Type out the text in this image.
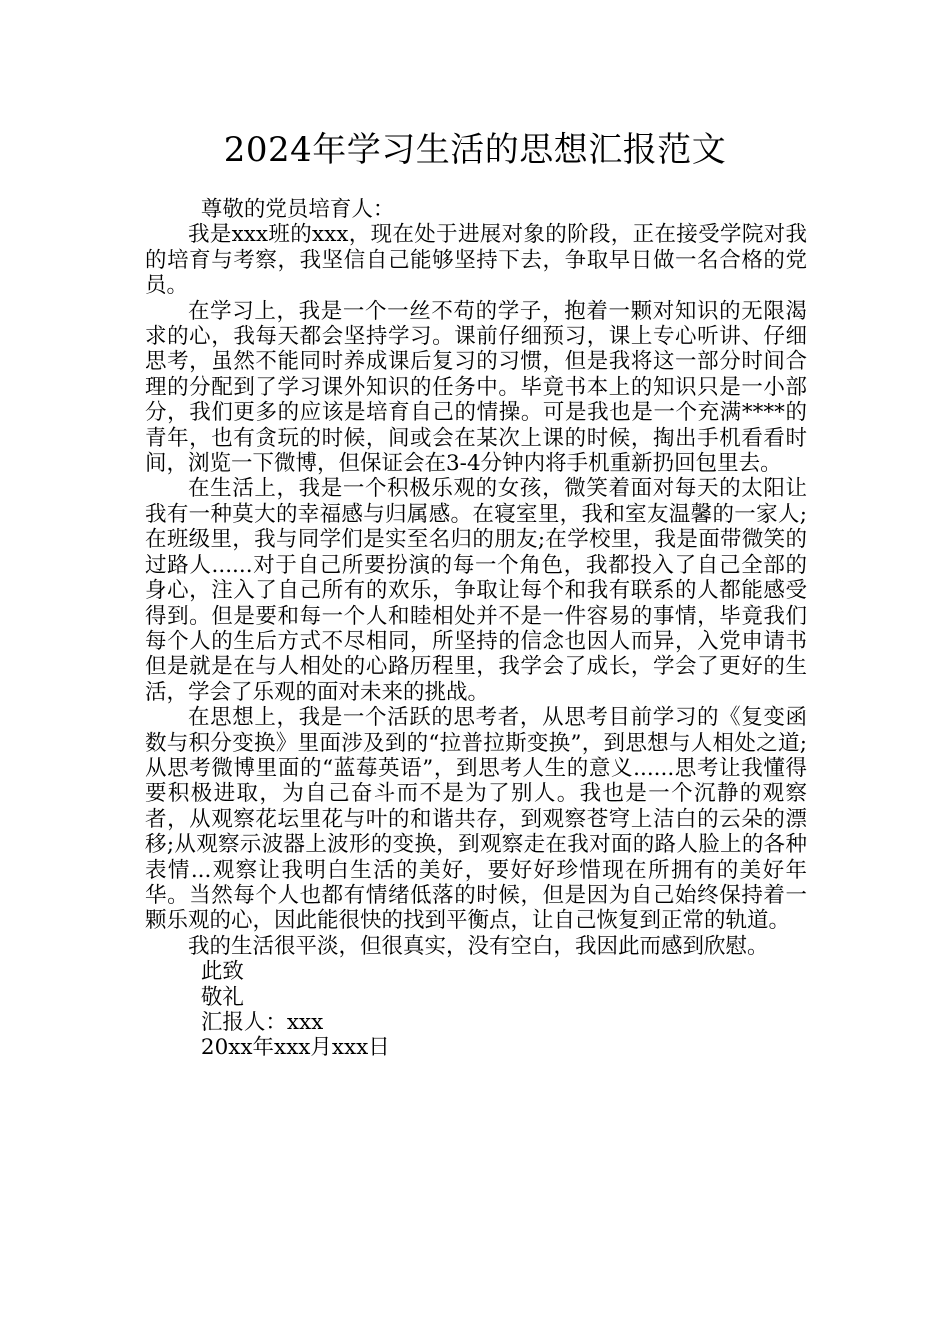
2024年学习生活的思想汇报范文

尊敬的党员培育人：

我是xxx班的xxx，现在处于进展对象的阶段，正在接受学院对我的培育与考察，我坚信自己能够坚持下去，争取早日做一名合格的党员。

在学习上，我是一个一丝不苟的学子，抱着一颗对知识的无限渴求的心，我每天都会坚持学习。课前仔细预习，课上专心听讲、仔细思考，虽然不能同时养成课后复习的习惯，但是我将这一部分时间合理的分配到了学习课外知识的任务中。毕竟书本上的知识只是一小部分，我们更多的应该是培育自己的情操。可是我也是一个充满****的青年，也有贪玩的时候，间或会在某次上课的时候，掏出手机看看时间，浏览一下微博，但保证会在3-4分钟内将手机重新扔回包里去。

在生活上，我是一个积极乐观的女孩，微笑着面对每天的太阳让我有一种莫大的幸福感与归属感。在寝室里，我和室友温馨的一家人;在班级里，我与同学们是实至名归的朋友;在学校里，我是面带微笑的过路人......对于自己所要扮演的每一个角色，我都投入了自己全部的身心，注入了自己所有的欢乐，争取让每个和我有联系的人都能感受得到。但是要和每一个人和睦相处并不是一件容易的事情，毕竟我们每个人的生后方式不尽相同，所坚持的信念也因人而异，入党申请书但是就是在与人相处的心路历程里，我学会了成长，学会了更好的生活，学会了乐观的面对未来的挑战。

在思想上，我是一个活跃的思考者，从思考目前学习的《复变函数与积分变换》里面涉及到的“拉普拉斯变换”，到思想与人相处之道;从思考微博里面的“蓝莓英语”，到思考人生的意义......思考让我懂得要积极进取，为自己奋斗而不是为了别人。我也是一个沉静的观察者，从观察花坛里花与叶的和谐共存，到观察苍穹上洁白的云朵的漂移;从观察示波器上波形的变换，到观察走在我对面的路人脸上的各种表情...观察让我明白生活的美好，要好好珍惜现在所拥有的美好年华。当然每个人也都有情绪低落的时候，但是因为自己始终保持着一颗乐观的心，因此能很快的找到平衡点，让自己恢复到正常的轨道。

我的生活很平淡，但很真实，没有空白，我因此而感到欣慰。

此致

敬礼

汇报人：xxx

20xx年xxx月xxx日
